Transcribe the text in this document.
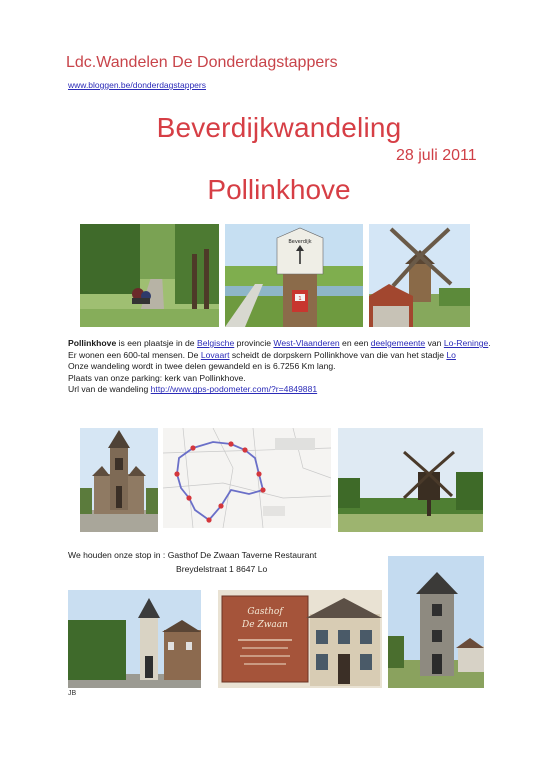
Ldc.Wandelen De Donderdagstappers
www.bloggen.be/donderdagstappers
Beverdijkwandeling
28 juli 2011
Pollinkhove
Beverdijk
1

Pollinkhove is een plaatsje in de Belgische provincie West-Vlaanderen en een deelgemeente van Lo-Reninge. Er wonen een 600-tal mensen. De Lovaart scheidt de dorpskern Pollinkhove van die van het stadje Lo

Onze wandeling wordt in twee delen gewandeld en is 6.7256 Km lang.

Plaats van onze parking: kerk van Pollinkhove.

Url van de wandeling http://www.gps-podometer.com/?r=4849881

We houden onze stop in : Gasthof De Zwaan Taverne Restaurant
Breydelstraat 1 8647 Lo
Gasthof
De Zwaan
JB
